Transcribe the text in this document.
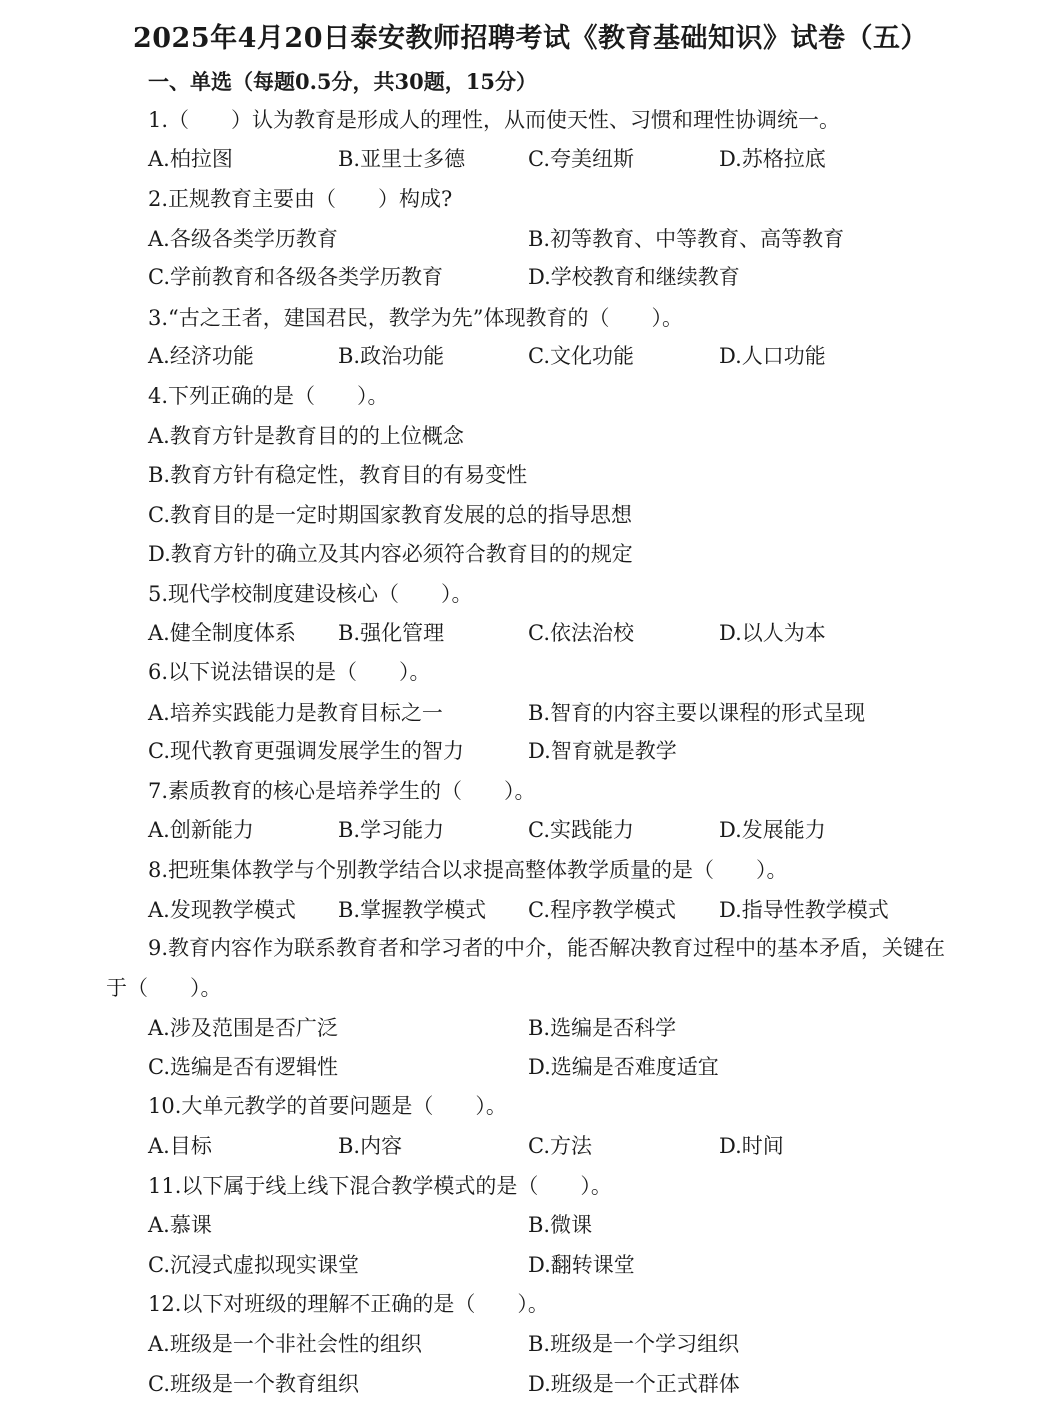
2025年4月20日泰安教师招聘考试《教育基础知识》试卷（五）
一、单选（每题0.5分，共30题，15分）
1.（　　）认为教育是形成人的理性，从而使天性、习惯和理性协调统一。
A.柏拉图	B.亚里士多德	C.夸美纽斯	D.苏格拉底
2.正规教育主要由（　　）构成?
A.各级各类学历教育	B.初等教育、中等教育、高等教育
C.学前教育和各级各类学历教育	D.学校教育和继续教育
3.“古之王者，建国君民，教学为先”体现教育的（　　）。
A.经济功能	B.政治功能	C.文化功能	D.人口功能
4.下列正确的是（　　）。
A.教育方针是教育目的的上位概念
B.教育方针有稳定性，教育目的有易变性
C.教育目的是一定时期国家教育发展的总的指导思想
D.教育方针的确立及其内容必须符合教育目的的规定
5.现代学校制度建设核心（　　）。
A.健全制度体系 B.强化管理	C.依法治校	D.以人为本
6.以下说法错误的是（　　）。
A.培养实践能力是教育目标之一	B.智育的内容主要以课程的形式呈现
C.现代教育更强调发展学生的智力	D.智育就是教学
7.素质教育的核心是培养学生的（　　）。
A.创新能力	B.学习能力	C.实践能力	D.发展能力
8.把班集体教学与个别教学结合以求提高整体教学质量的是（　　）。
A.发现教学模式 B.掌握教学模式 C.程序教学模式 D.指导性教学模式
9.教育内容作为联系教育者和学习者的中介，能否解决教育过程中的基本矛盾，关键在
于（　　）。
A.涉及范围是否广泛	B.选编是否科学
C.选编是否有逻辑性	D.选编是否难度适宜
10.大单元教学的首要问题是（　　）。
A.目标	B.内容	C.方法	D.时间
11.以下属于线上线下混合教学模式的是（　　）。
A.慕课	B.微课
C.沉浸式虚拟现实课堂	D.翻转课堂
12.以下对班级的理解不正确的是（　　）。
A.班级是一个非社会性的组织	B.班级是一个学习组织
C.班级是一个教育组织	D.班级是一个正式群体
